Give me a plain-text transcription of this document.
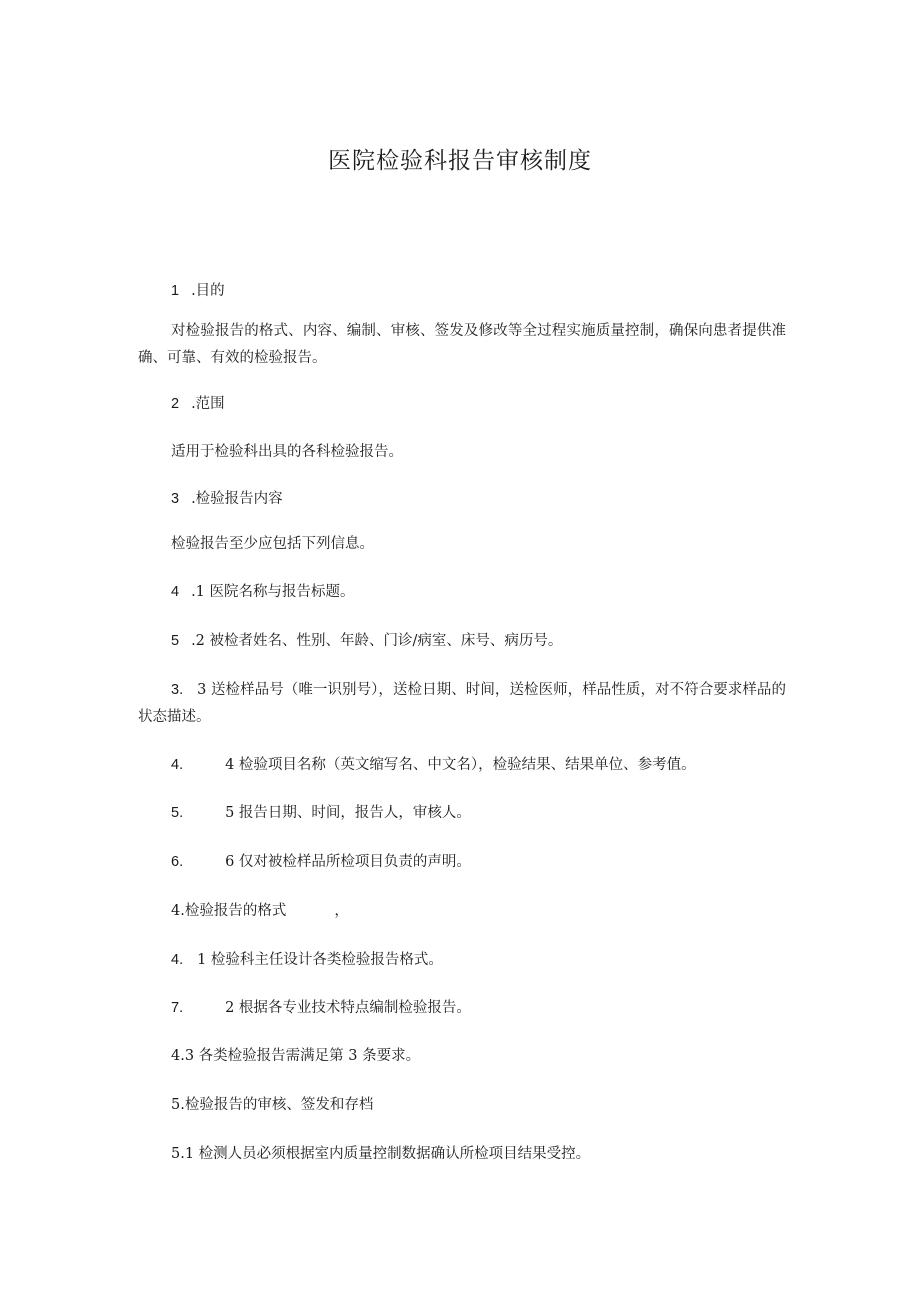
医院检验科报告审核制度
1 .目的
对检验报告的格式、内容、编制、审核、签发及修改等全过程实施质量控制，确保向患者提供准确、可靠、有效的检验报告。
2 .范围
适用于检验科出具的各科检验报告。
3 .检验报告内容
检验报告至少应包括下列信息。
4 .1 医院名称与报告标题。
5 .2 被检者姓名、性别、年龄、门诊/病室、床号、病历号。
3. 3 送检样品号（唯一识别号），送检日期、时间，送检医师，样品性质，对不符合要求样品的状态描述。
4.	4 检验项目名称（英文缩写名、中文名），检验结果、结果单位、参考值。
5.	5 报告日期、时间，报告人，审核人。
6.	6 仅对被检样品所检项目负责的声明。
4.检验报告的格式	，
4. 1 检验科主任设计各类检验报告格式。
7.	2 根据各专业技术特点编制检验报告。
4.3 各类检验报告需满足第 3 条要求。
5.检验报告的审核、签发和存档
5.1 检测人员必须根据室内质量控制数据确认所检项目结果受控。
